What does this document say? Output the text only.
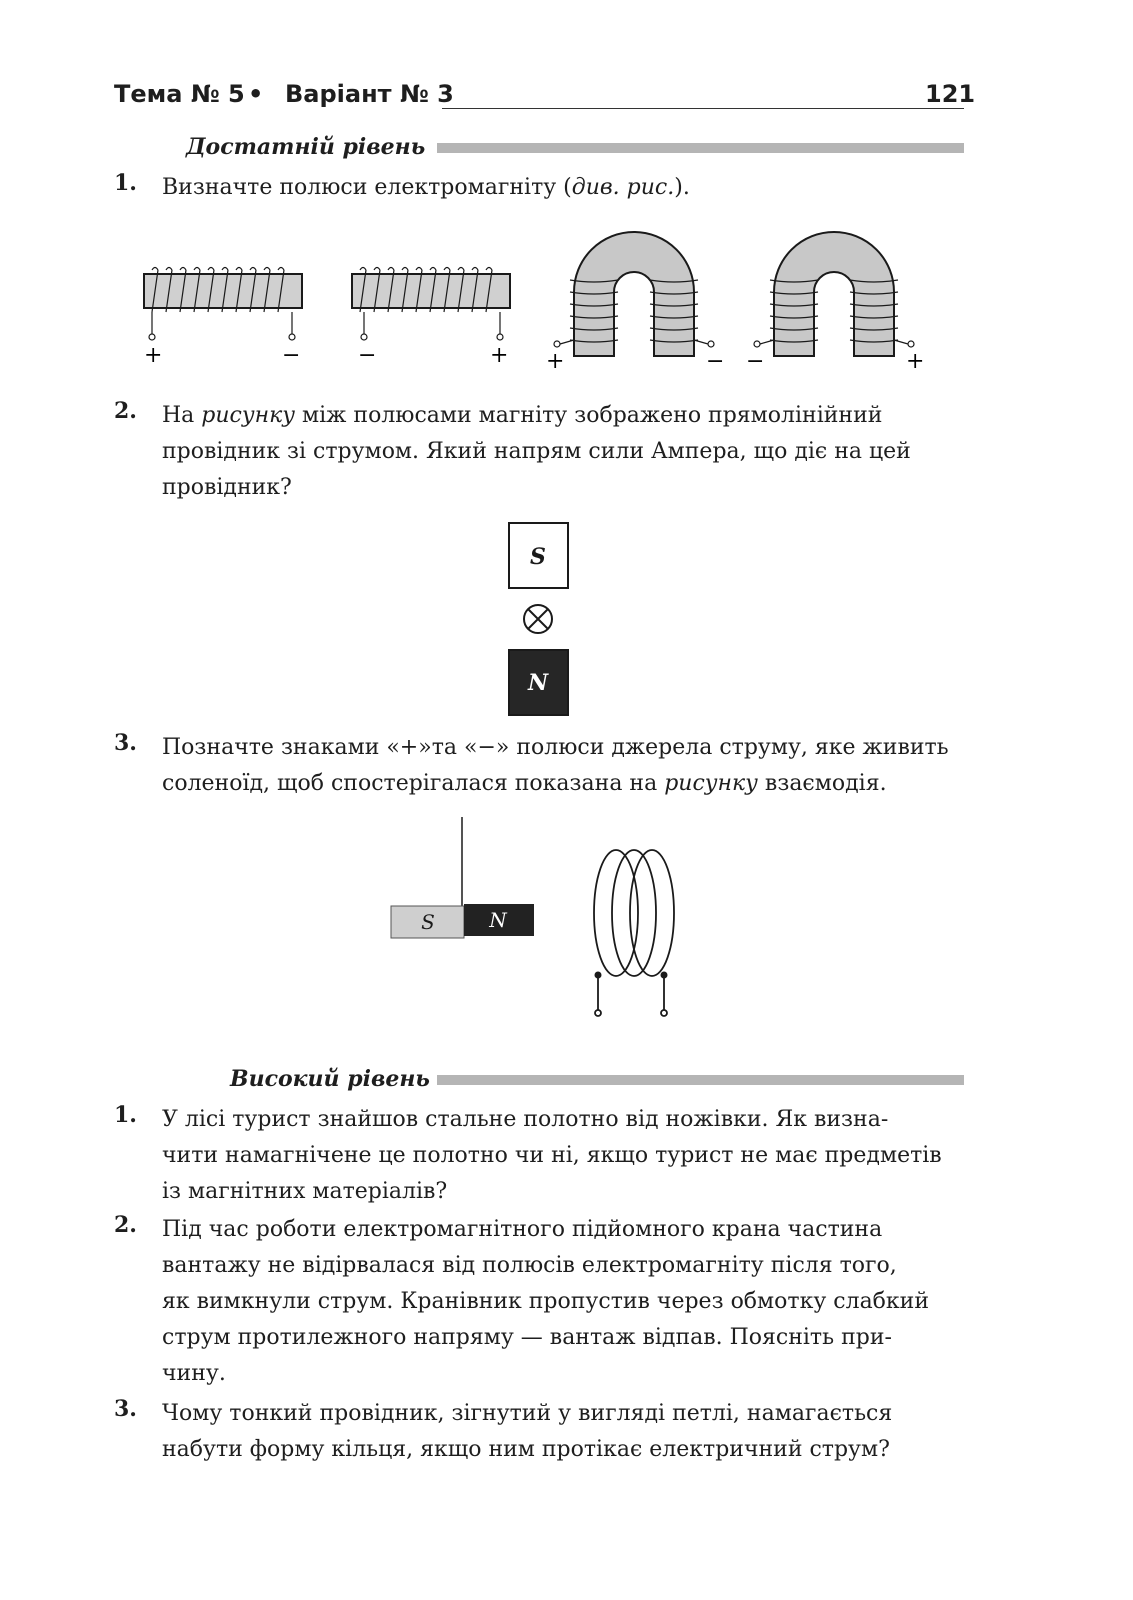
Тема № 5 • Варіант № 3	121
Достатній рівень
1. Визначте полюси електромагніту (див. рис.).
+	−	−	+ +	− −	+
2. На рисунку між полюсами магніту зображено прямолінійний
провідник зі струмом. Який напрям сили Ампера, що діє на цей
провідник?
S
N
3. Позначте знаками «+»та «−» полюси джерела струму, яке живить
соленоїд, щоб спостерігалася показана на рисунку взаємодія.
S	N
Високий рівень
1. У лісі турист знайшов стальне полотно від ножівки. Як визна-
чити намагнічене це полотно чи ні, якщо турист не має предметів
із магнітних матеріалів?
2. Під час роботи електромагнітного підйомного крана частина
вантажу не відірвалася від полюсів електромагніту після того,
як вимкнули струм. Кранівник пропустив через обмотку слабкий
струм протилежного напряму — вантаж відпав. Поясніть при-
чину.
3. Чому тонкий провідник, зігнутий у вигляді петлі, намагається
набути форму кільця, якщо ним протікає електричний струм?
